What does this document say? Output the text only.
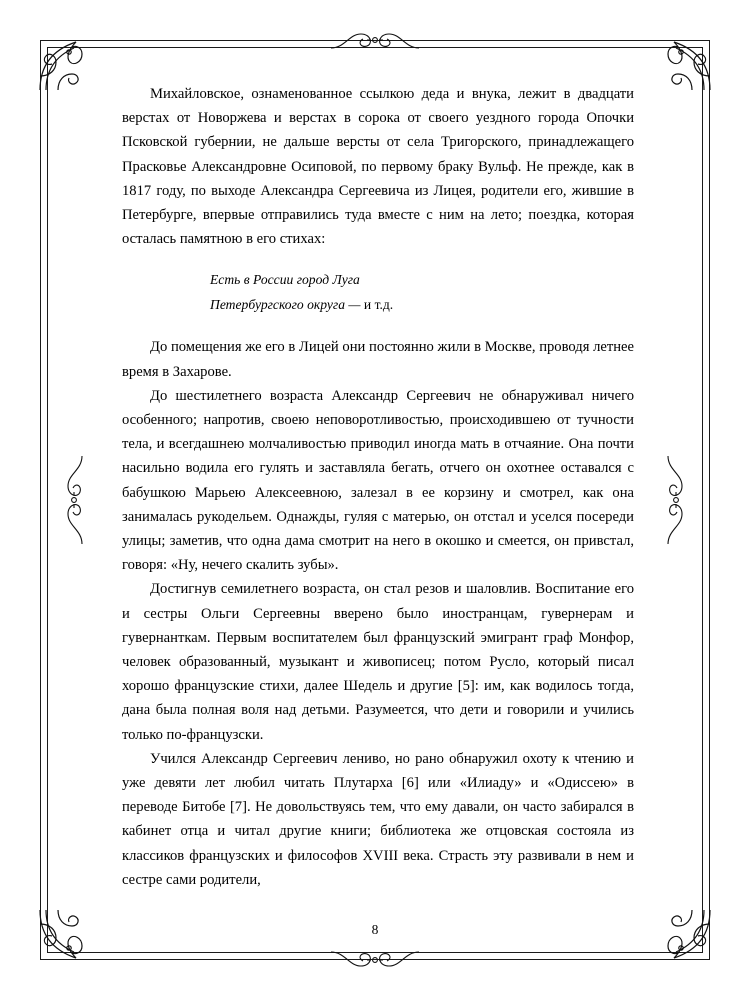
Михайловское, ознаменованное ссылкою деда и внука, лежит в двадцати верстах от Новоржева и верстах в сорока от своего уездного города Опочки Псковской губернии, не дальше версты от села Тригорского, принадлежащего Прасковье Александровне Осиповой, по первому браку Вульф. Не прежде, как в 1817 году, по выходе Александра Сергеевича из Лицея, родители его, жившие в Петербурге, впервые отправились туда вместе с ним на лето; поездка, которая осталась памятною в его стихах:

Есть в России город Луга
Петербургского округа — и т.д.

До помещения же его в Лицей они постоянно жили в Москве, проводя летнее время в Захарове.

До шестилетнего возраста Александр Сергеевич не обнаруживал ничего особенного; напротив, своею неповоротливостью, происходившею от тучности тела, и всегдашнею молчаливостью приводил иногда мать в отчаяние. Она почти насильно водила его гулять и заставляла бегать, отчего он охотнее оставался с бабушкою Марьею Алексеевною, залезал в ее корзину и смотрел, как она занималась рукодельем. Однажды, гуляя с матерью, он отстал и уселся посереди улицы; заметив, что одна дама смотрит на него в окошко и смеется, он привстал, говоря: «Ну, нечего скалить зубы».

Достигнув семилетнего возраста, он стал резов и шаловлив. Воспитание его и сестры Ольги Сергеевны вверено было иностранцам, гувернерам и гувернанткам. Первым воспитателем был французский эмигрант граф Монфор, человек образованный, музыкант и живописец; потом Русло, который писал хорошо французские стихи, далее Шедель и другие [5]: им, как водилось тогда, дана была полная воля над детьми. Разумеется, что дети и говорили и учились только по-французски.

Учился Александр Сергеевич лениво, но рано обнаружил охоту к чтению и уже девяти лет любил читать Плутарха [6] или «Илиаду» и «Одиссею» в переводе Битобе [7]. Не довольствуясь тем, что ему давали, он часто забирался в кабинет отца и читал другие книги; библиотека же отцовская состояла из классиков французских и философов XVIII века. Страсть эту развивали в нем и сестре сами родители,

8
